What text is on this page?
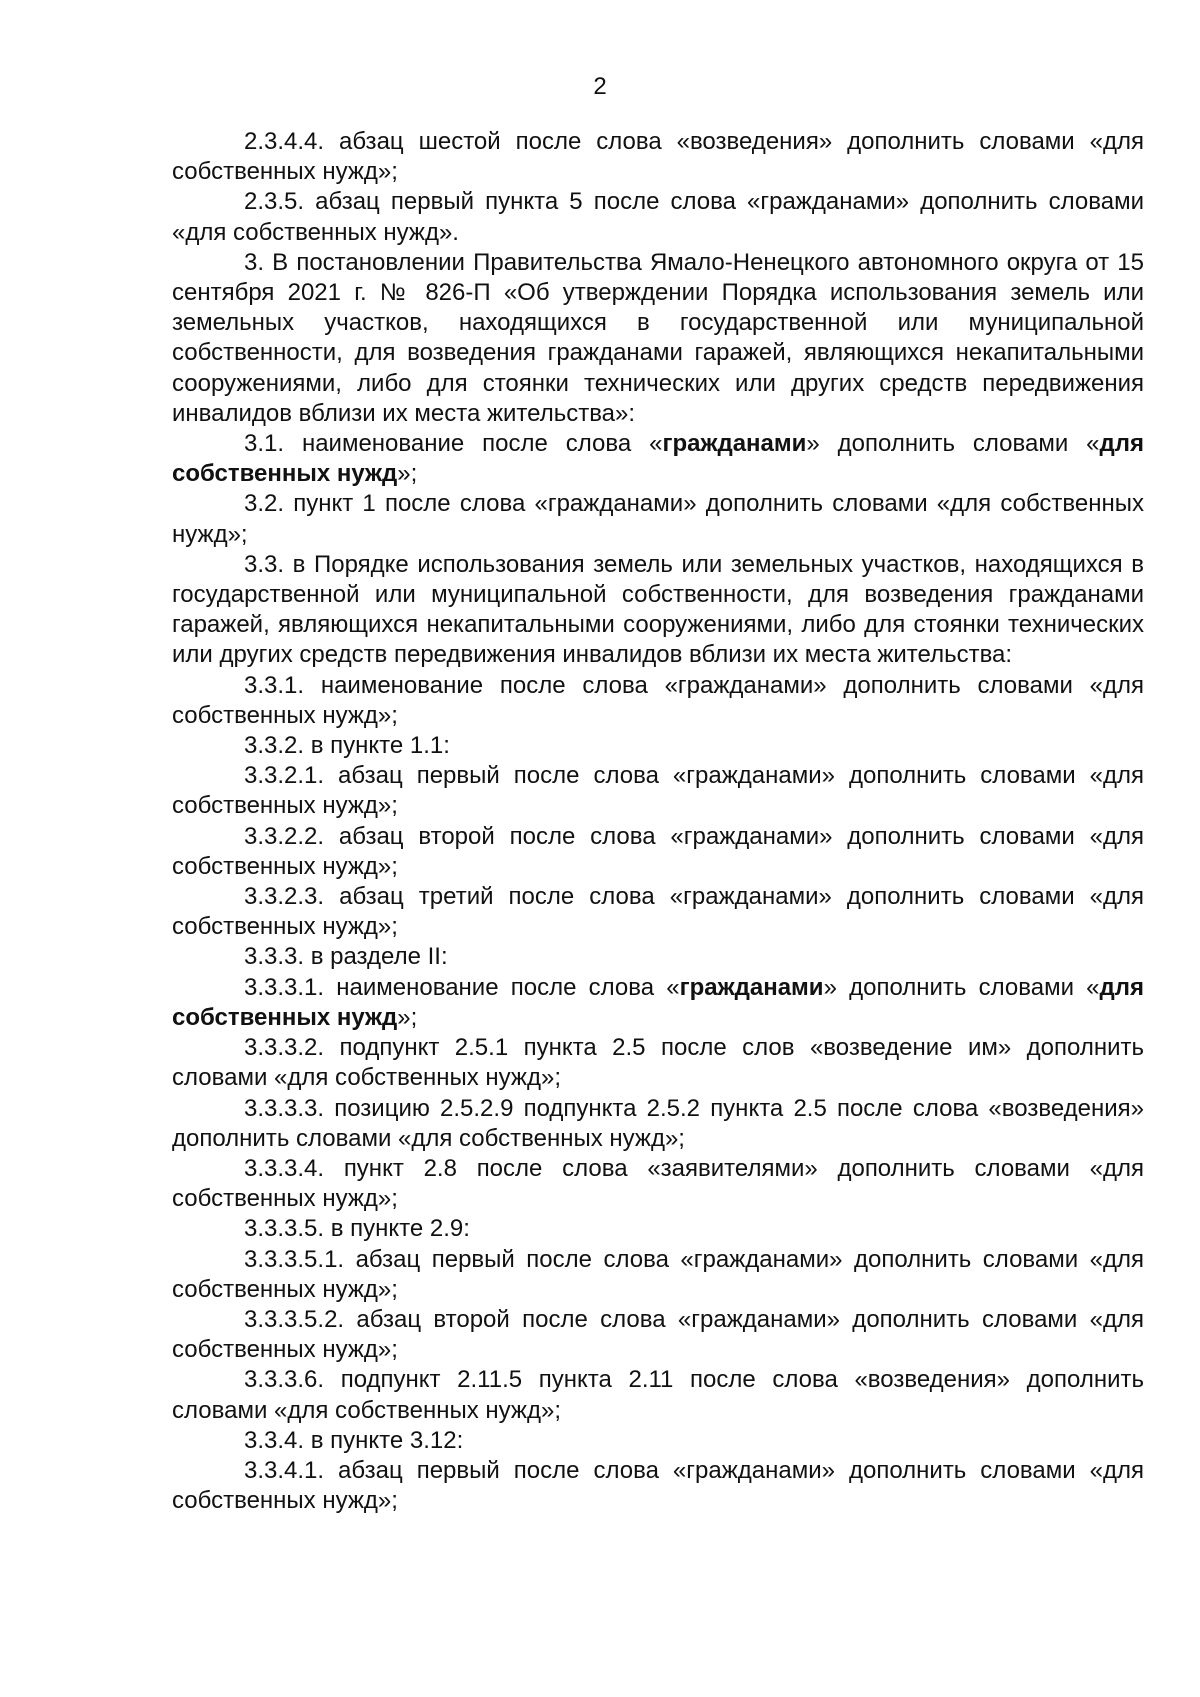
2

2.3.4.4. абзац шестой после слова «возведения» дополнить словами «для собственных нужд»;

2.3.5. абзац первый пункта 5 после слова «гражданами» дополнить словами «для собственных нужд».

3. В постановлении Правительства Ямало-Ненецкого автономного округа от 15 сентября 2021 г. № 826-П «Об утверждении Порядка использования земель или земельных участков, находящихся в государственной или муниципальной собственности, для возведения гражданами гаражей, являющихся некапитальными сооружениями, либо для стоянки технических или других средств передвижения инвалидов вблизи их места жительства»:

3.1. наименование после слова «гражданами» дополнить словами «для собственных нужд»;

3.2. пункт 1 после слова «гражданами» дополнить словами «для собственных нужд»;

3.3. в Порядке использования земель или земельных участков, находящихся в государственной или муниципальной собственности, для возведения гражданами гаражей, являющихся некапитальными сооружениями, либо для стоянки технических или других средств передвижения инвалидов вблизи их места жительства:

3.3.1. наименование после слова «гражданами» дополнить словами «для собственных нужд»;

3.3.2. в пункте 1.1:

3.3.2.1. абзац первый после слова «гражданами» дополнить словами «для собственных нужд»;

3.3.2.2. абзац второй после слова «гражданами» дополнить словами «для собственных нужд»;

3.3.2.3. абзац третий после слова «гражданами» дополнить словами «для собственных нужд»;

3.3.3. в разделе II:

3.3.3.1. наименование после слова «гражданами» дополнить словами «для собственных нужд»;

3.3.3.2. подпункт 2.5.1 пункта 2.5 после слов «возведение им» дополнить словами «для собственных нужд»;

3.3.3.3. позицию 2.5.2.9 подпункта 2.5.2 пункта 2.5 после слова «возведения» дополнить словами «для собственных нужд»;

3.3.3.4. пункт 2.8 после слова «заявителями» дополнить словами «для собственных нужд»;

3.3.3.5. в пункте 2.9:

3.3.3.5.1. абзац первый после слова «гражданами» дополнить словами «для собственных нужд»;

3.3.3.5.2. абзац второй после слова «гражданами» дополнить словами «для собственных нужд»;

3.3.3.6. подпункт 2.11.5 пункта 2.11 после слова «возведения» дополнить словами «для собственных нужд»;

3.3.4. в пункте 3.12:

3.3.4.1. абзац первый после слова «гражданами» дополнить словами «для собственных нужд»;
